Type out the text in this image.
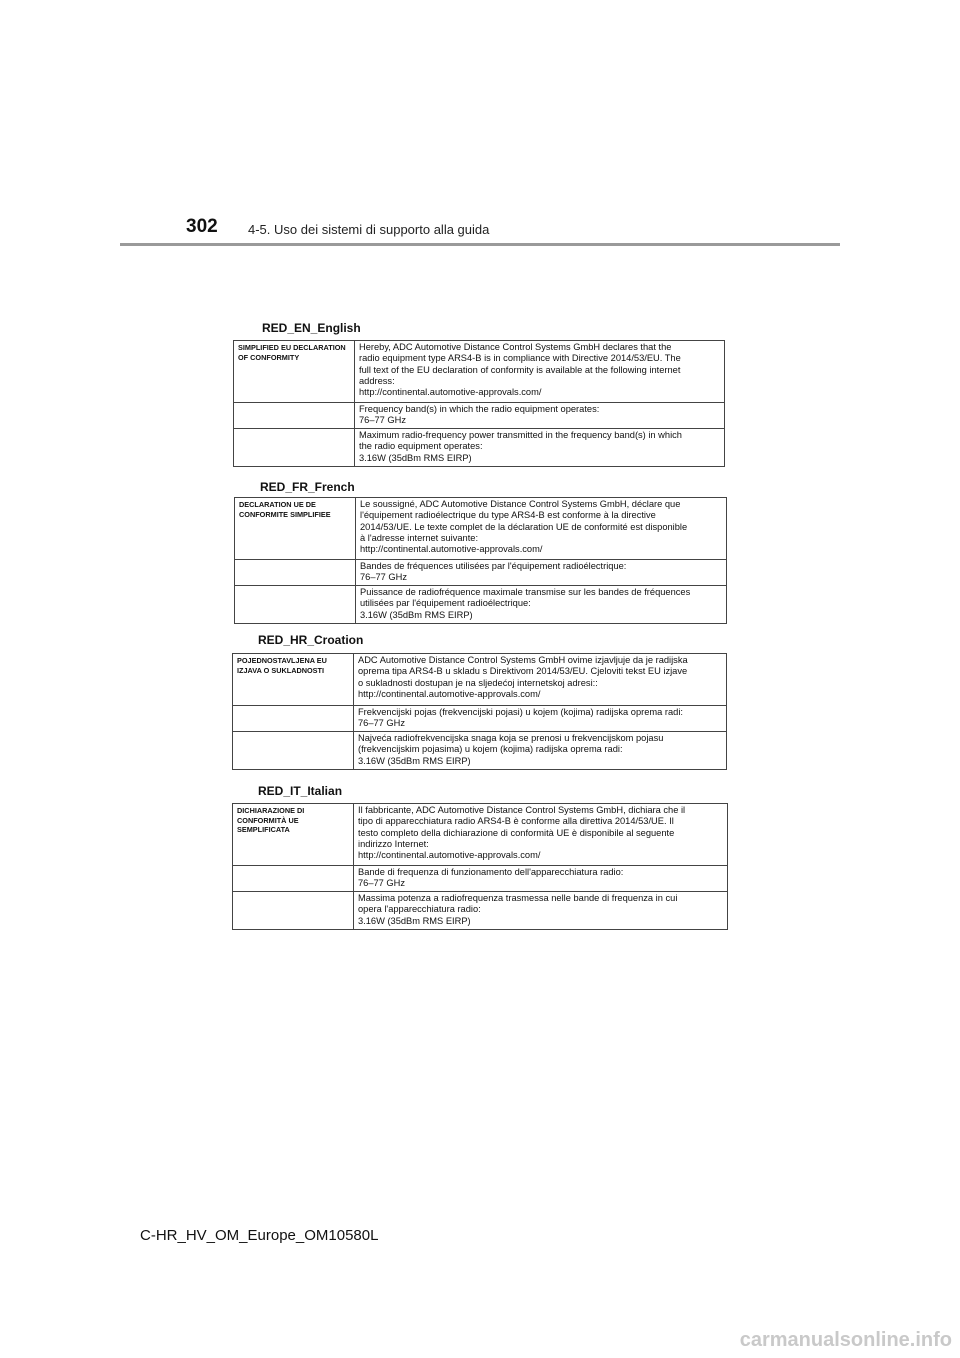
302 4-5. Uso dei sistemi di supporto alla guida
RED_EN_English
SIMPLIFIED EU DECLARATION OF CONFORMITY	Hereby, ADC Automotive Distance Control Systems GmbH declares that the
radio equipment type ARS4-B is in compliance with Directive 2014/53/EU. The
full text of the EU declaration of conformity is available at the following internet
address:
http://continental.automotive-approvals.com/

	Frequency band(s) in which the radio equipment operates:
76–77 GHz

	Maximum radio-frequency power transmitted in the frequency band(s) in which
the radio equipment operates:
3.16W (35dBm RMS EIRP)
RED_FR_French
DECLARATION UE DE CONFORMITE SIMPLIFIEE	Le soussigné, ADC Automotive Distance Control Systems GmbH, déclare que
l'équipement radioélectrique du type ARS4-B est conforme à la directive
2014/53/UE. Le texte complet de la déclaration UE de conformité est disponible
à l'adresse internet suivante:
http://continental.automotive-approvals.com/

	Bandes de fréquences utilisées par l'équipement radioélectrique:
76–77 GHz

	Puissance de radiofréquence maximale transmise sur les bandes de fréquences
utilisées par l'équipement radioélectrique:
3.16W (35dBm RMS EIRP)
RED_HR_Croation
POJEDNOSTAVLJENA EU IZJAVA O SUKLADNOSTI	ADC Automotive Distance Control Systems GmbH ovime izjavljuje da je radijska
oprema tipa ARS4-B u skladu s Direktivom 2014/53/EU. Cjeloviti tekst EU izjave
o sukladnosti dostupan je na sljedećoj internetskoj adresi::
http://continental.automotive-approvals.com/

	Frekvencijski pojas (frekvencijski pojasi) u kojem (kojima) radijska oprema radi:
76–77 GHz

	Najveća radiofrekvencijska snaga koja se prenosi u frekvencijskom pojasu
(frekvencijskim pojasima) u kojem (kojima) radijska oprema radi:
3.16W (35dBm RMS EIRP)
RED_IT_Italian
DICHIARAZIONE DI CONFORMITÀ UE SEMPLIFICATA	Il fabbricante, ADC Automotive Distance Control Systems GmbH, dichiara che il
tipo di apparecchiatura radio ARS4-B è conforme alla direttiva 2014/53/UE. Il
testo completo della dichiarazione di conformità UE è disponibile al seguente
indirizzo Internet:
http://continental.automotive-approvals.com/

	Bande di frequenza di funzionamento dell'apparecchiatura radio:
76–77 GHz

	Massima potenza a radiofrequenza trasmessa nelle bande di frequenza in cui
opera l'apparecchiatura radio:
3.16W (35dBm RMS EIRP)
C-HR_HV_OM_Europe_OM10580L
carmanualsonline.info
